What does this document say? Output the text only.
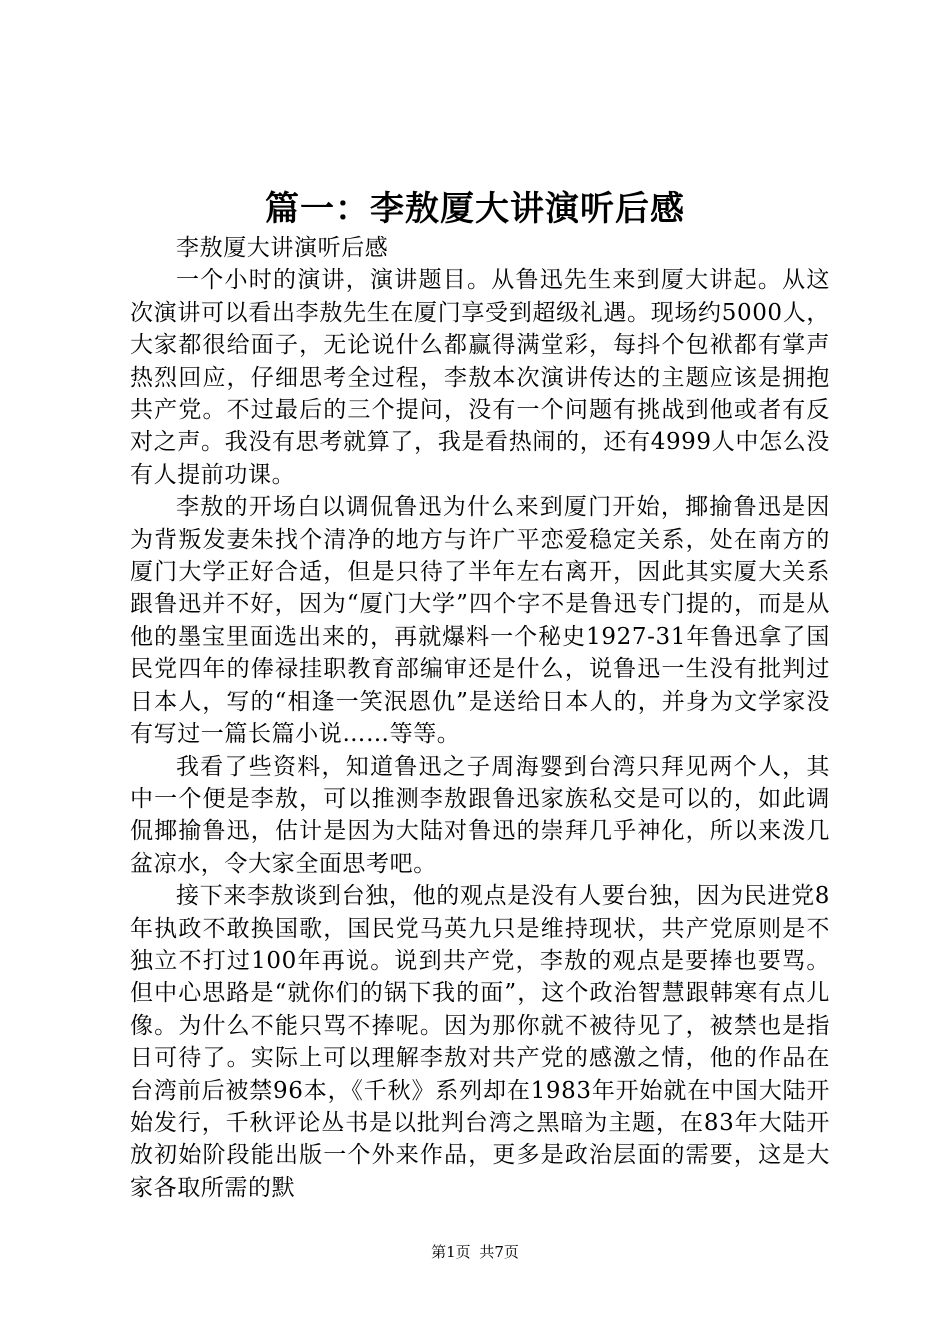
篇一：李敖厦大讲演听后感

李敖厦大讲演听后感

一个小时的演讲，演讲题目。从鲁迅先生来到厦大讲起。从这次演讲可以看出李敖先生在厦门享受到超级礼遇。现场约5000人，大家都很给面子，无论说什么都赢得满堂彩，每抖个包袱都有掌声热烈回应，仔细思考全过程，李敖本次演讲传达的主题应该是拥抱共产党。不过最后的三个提问，没有一个问题有挑战到他或者有反对之声。我没有思考就算了，我是看热闹的，还有4999人中怎么没有人提前功课。

李敖的开场白以调侃鲁迅为什么来到厦门开始，揶揄鲁迅是因为背叛发妻朱找个清净的地方与许广平恋爱稳定关系，处在南方的厦门大学正好合适，但是只待了半年左右离开，因此其实厦大关系跟鲁迅并不好，因为“厦门大学”四个字不是鲁迅专门提的，而是从他的墨宝里面选出来的，再就爆料一个秘史1927-31年鲁迅拿了国民党四年的俸禄挂职教育部编审还是什么，说鲁迅一生没有批判过日本人，写的“相逢一笑泯恩仇”是送给日本人的，并身为文学家没有写过一篇长篇小说……等等。

我看了些资料，知道鲁迅之子周海婴到台湾只拜见两个人，其中一个便是李敖，可以推测李敖跟鲁迅家族私交是可以的，如此调侃揶揄鲁迅，估计是因为大陆对鲁迅的崇拜几乎神化，所以来泼几盆凉水，令大家全面思考吧。

接下来李敖谈到台独，他的观点是没有人要台独，因为民进党8年执政不敢换国歌，国民党马英九只是维持现状，共产党原则是不独立不打过100年再说。说到共产党，李敖的观点是要捧也要骂。但中心思路是“就你们的锅下我的面”，这个政治智慧跟韩寒有点儿像。为什么不能只骂不捧呢。因为那你就不被待见了，被禁也是指日可待了。实际上可以理解李敖对共产党的感激之情，他的作品在台湾前后被禁96本，《千秋》系列却在1983年开始就在中国大陆开始发行，千秋评论丛书是以批判台湾之黑暗为主题，在83年大陆开放初始阶段能出版一个外来作品，更多是政治层面的需要，这是大家各取所需的默

第1页 共7页
